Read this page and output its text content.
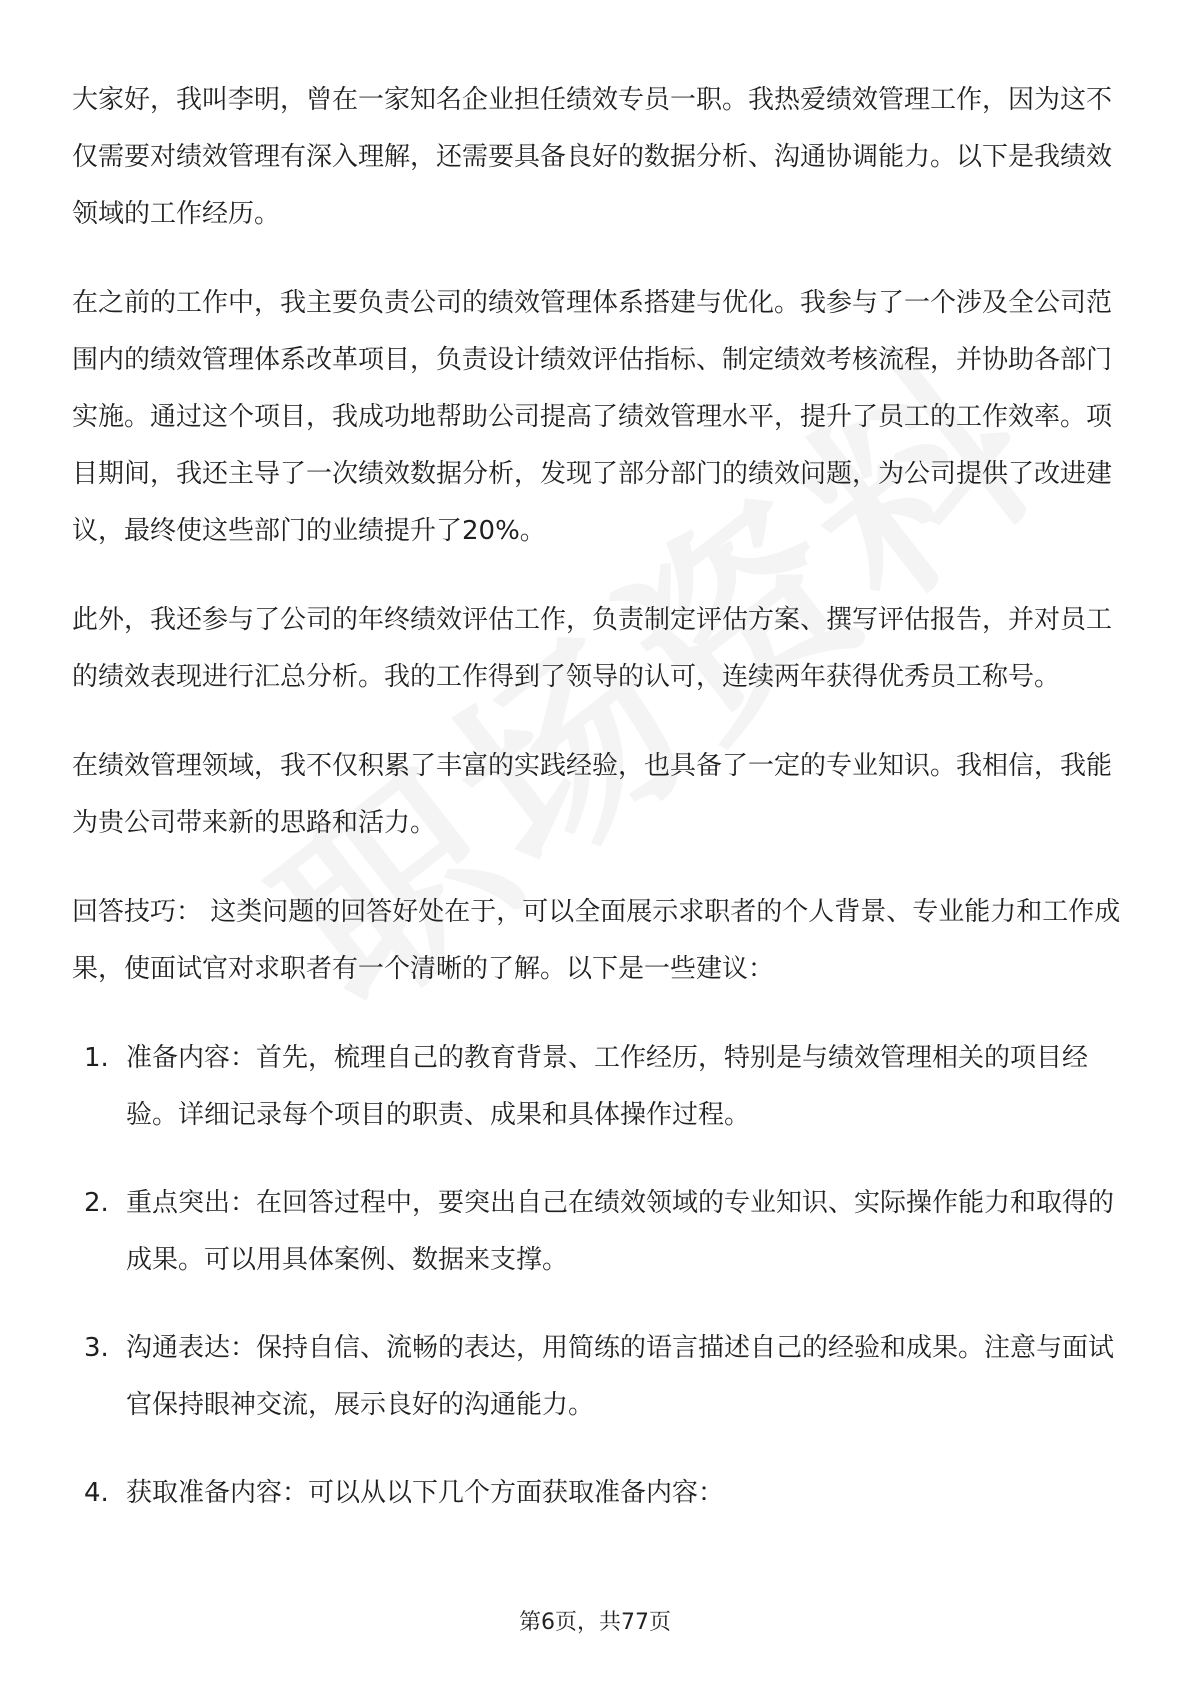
大家好，我叫李明，曾在一家知名企业担任绩效专员一职。我热爱绩效管理工作，因为这不仅需要对绩效管理有深入理解，还需要具备良好的数据分析、沟通协调能力。以下是我绩效领域的工作经历。

在之前的工作中，我主要负责公司的绩效管理体系搭建与优化。我参与了一个涉及全公司范围内的绩效管理体系改革项目，负责设计绩效评估指标、制定绩效考核流程，并协助各部门实施。通过这个项目，我成功地帮助公司提高了绩效管理水平，提升了员工的工作效率。项目期间，我还主导了一次绩效数据分析，发现了部分部门的绩效问题，为公司提供了改进建议，最终使这些部门的业绩提升了20%。

此外，我还参与了公司的年终绩效评估工作，负责制定评估方案、撰写评估报告，并对员工的绩效表现进行汇总分析。我的工作得到了领导的认可，连续两年获得优秀员工称号。

在绩效管理领域，我不仅积累了丰富的实践经验，也具备了一定的专业知识。我相信，我能为贵公司带来新的思路和活力。

回答技巧： 这类问题的回答好处在于，可以全面展示求职者的个人背景、专业能力和工作成果，使面试官对求职者有一个清晰的了解。以下是一些建议：

1. 准备内容：首先，梳理自己的教育背景、工作经历，特别是与绩效管理相关的项目经验。详细记录每个项目的职责、成果和具体操作过程。
2. 重点突出：在回答过程中，要突出自己在绩效领域的专业知识、实际操作能力和取得的成果。可以用具体案例、数据来支撑。
3. 沟通表达：保持自信、流畅的表达，用简练的语言描述自己的经验和成果。注意与面试官保持眼神交流，展示良好的沟通能力。
4. 获取准备内容：可以从以下几个方面获取准备内容：
第6页，共77页
